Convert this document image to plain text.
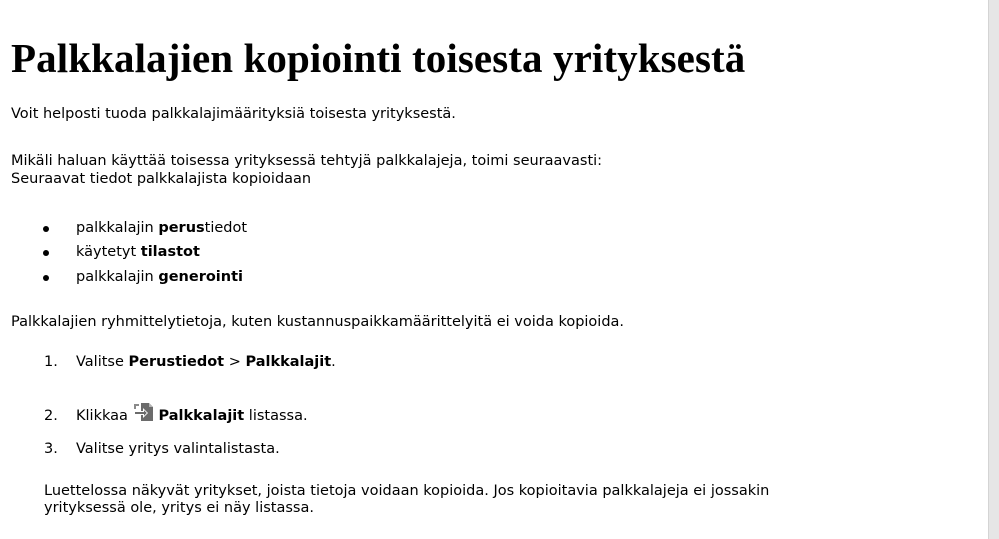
Palkkalajien kopiointi toisesta yrityksestä
Voit helposti tuoda palkkalajimäärityksiä toisesta yrityksestä.
Mikäli haluan käyttää toisessa yrityksessä tehtyjä palkkalajeja, toimi seuraavasti:
Seuraavat tiedot palkkalajista kopioidaan
palkkalajin perustiedot
käytetyt tilastot
palkkalajin generointi
Palkkalajien ryhmittelytietoja, kuten kustannuspaikkamäärittelyitä ei voida kopioida.
1. Valitse Perustiedot > Palkkalajit.
2. Klikkaa Palkkalajit listassa.
3. Valitse yritys valintalistasta.
Luettelossa näkyvät yritykset, joista tietoja voidaan kopioida. Jos kopioitavia palkkalajeja ei jossakin
yrityksessä ole, yritys ei näy listassa.
